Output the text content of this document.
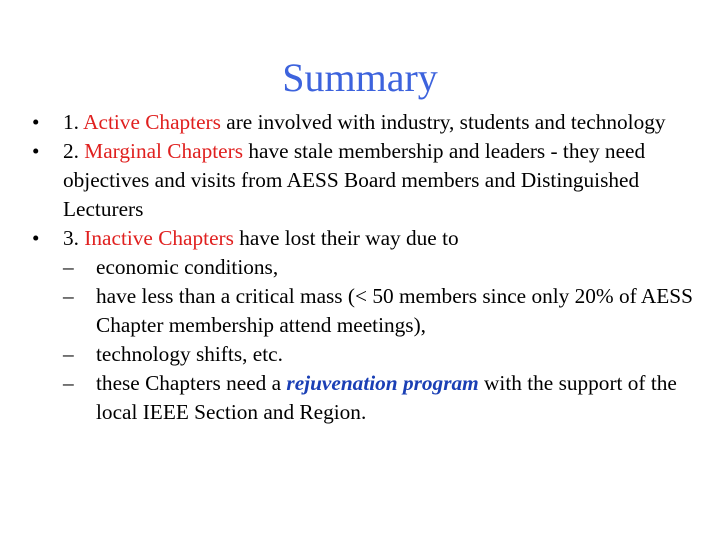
Summary
• 1. Active Chapters are involved with industry, students and technology
• 2. Marginal Chapters have stale membership and leaders - they need objectives and visits from AESS Board members and Distinguished Lecturers
• 3. Inactive Chapters have lost their way due to
– economic conditions,
– have less than a critical mass (< 50 members since only 20% of AESS Chapter membership attend meetings),
– technology shifts, etc.
– these Chapters need a rejuvenation program with the support of the local IEEE Section and Region.
